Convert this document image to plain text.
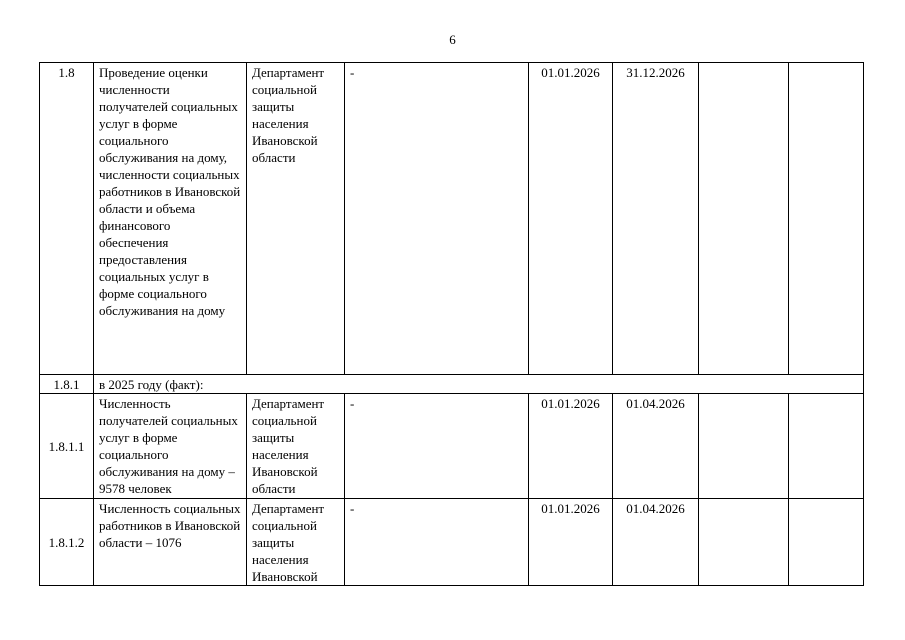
6
1.8	Проведение оценки численности получателей социальных услуг в форме социального обслуживания на дому, численности социальных работников в Ивановской области и объема финансового обеспечения предоставления социальных услуг в форме социального обслуживания на дому	Департамент социальной защиты населения Ивановской области	-	01.01.2026	31.12.2026		
1.8.1	в 2025 году (факт):						
1.8.1.1	Численность получателей социальных услуг в форме социального обслуживания на дому – 9578 человек	Департамент социальной защиты населения Ивановской области	-	01.01.2026	01.04.2026		
1.8.1.2	Численность социальных работников в Ивановской области – 1076	Департамент социальной защиты населения Ивановской	-	01.01.2026	01.04.2026		
